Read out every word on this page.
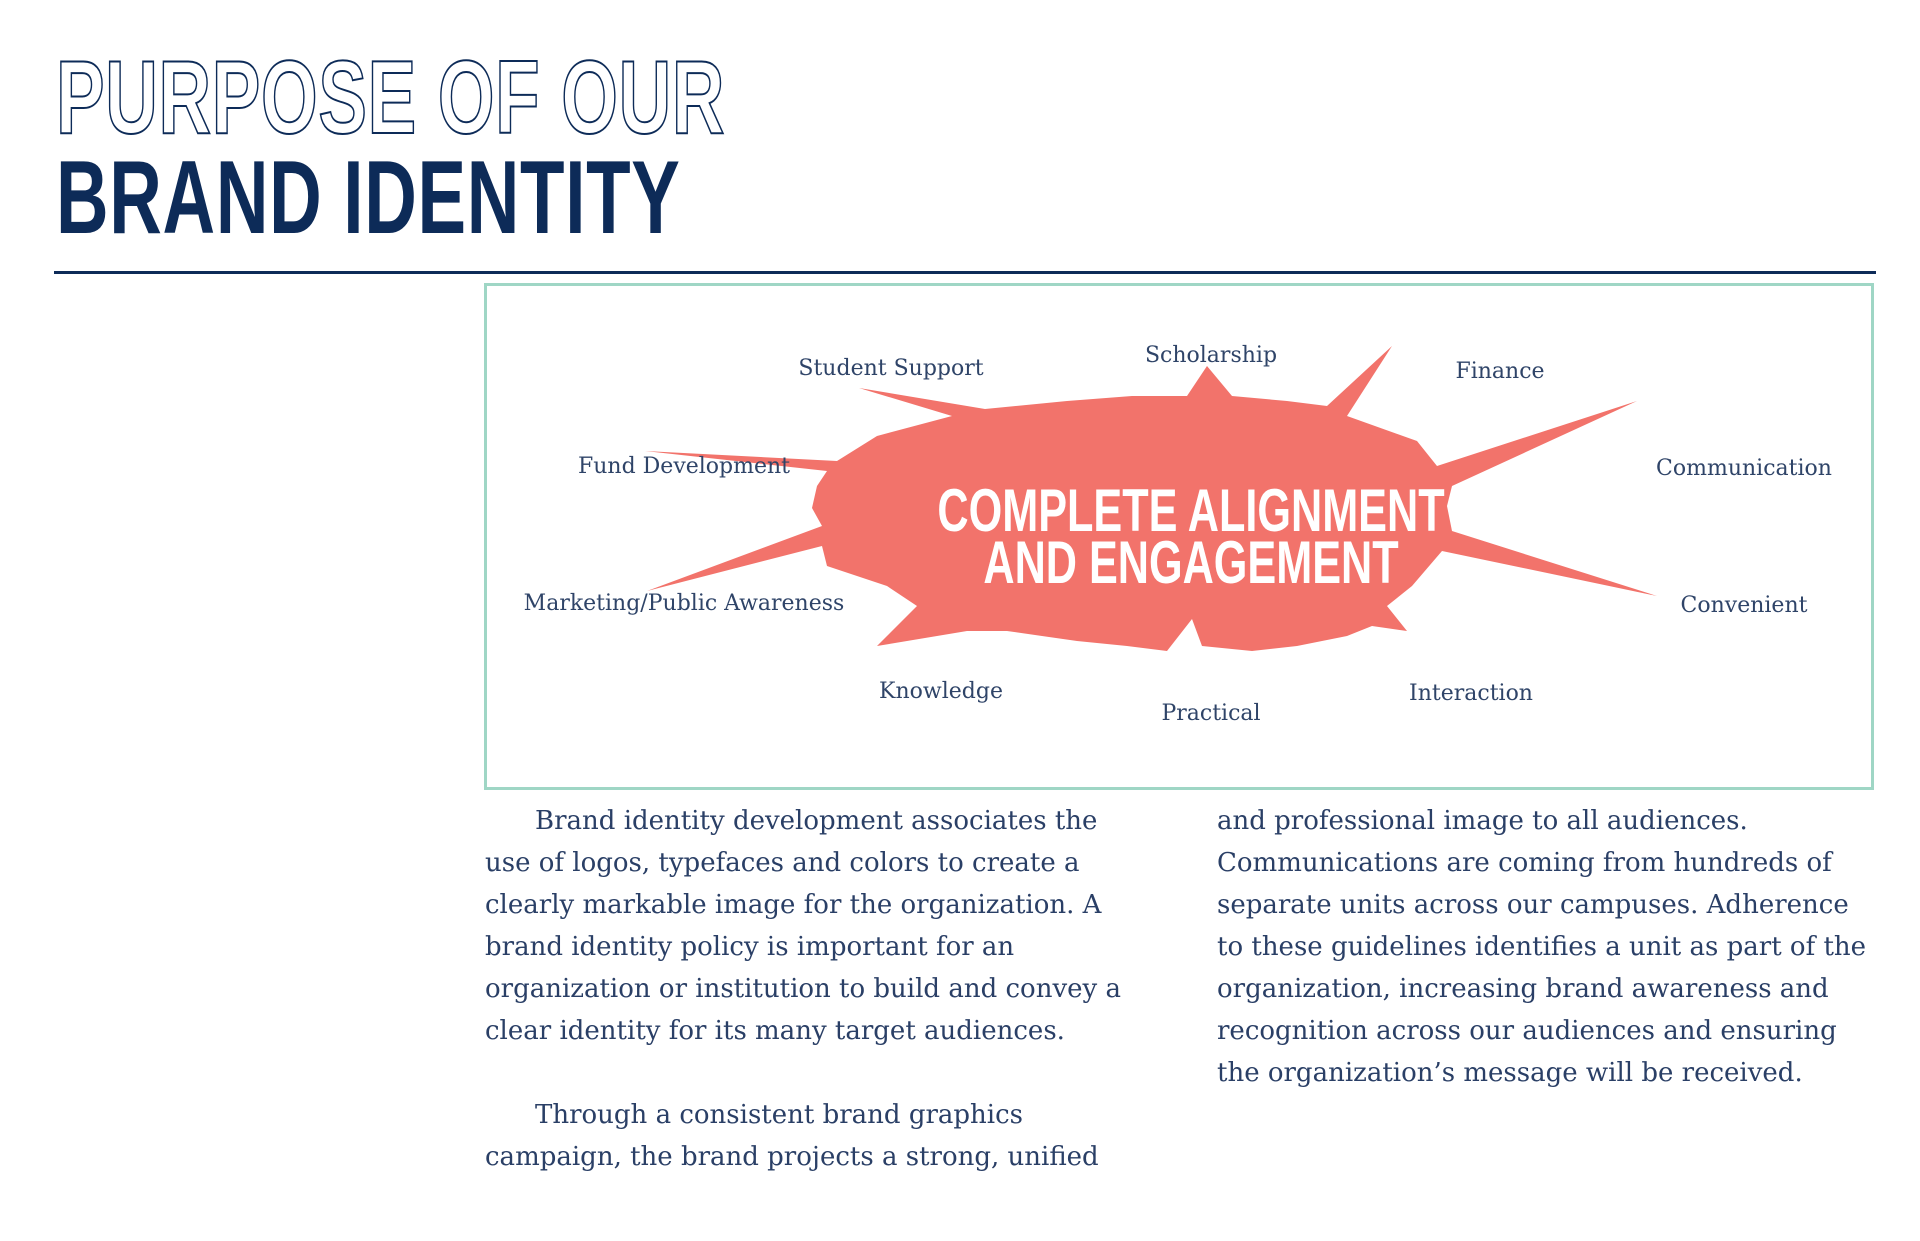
PURPOSE OF OUR
BRAND IDENTITY
COMPLETE ALIGNMENT
AND ENGAGEMENT
Scholarship
Student Support	Finance
Fund Development	Communication
Marketing/Public Awareness	Convenient
Knowledge
Practical
Interaction

Brand identity development associates the use of logos, typefaces and colors to create a clearly markable image for the organization. A brand identity policy is important for an organization or institution to build and convey a clear identity for its many target audiences.

Through a consistent brand graphics campaign, the brand projects a strong, unified

and professional image to all audiences. Communications are coming from hundreds of separate units across our campuses. Adherence to these guidelines identifies a unit as part of the organization, increasing brand awareness and recognition across our audiences and ensuring the organization’s message will be received.
